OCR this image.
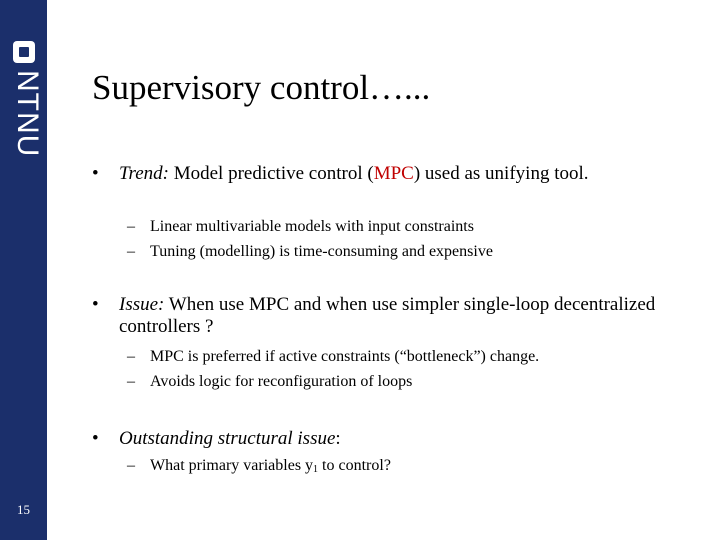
NTNU
15
Supervisory control…...
• Trend: Model predictive control (MPC) used as unifying tool.
– Linear multivariable models with input constraints
– Tuning (modelling) is time-consuming and expensive
• Issue: When use MPC and when use simpler single-loop decentralized controllers ?
– MPC is preferred if active constraints (“bottleneck”) change.
– Avoids logic for reconfiguration of loops
• Outstanding structural issue:
– What primary variables $y_1$ to control?
